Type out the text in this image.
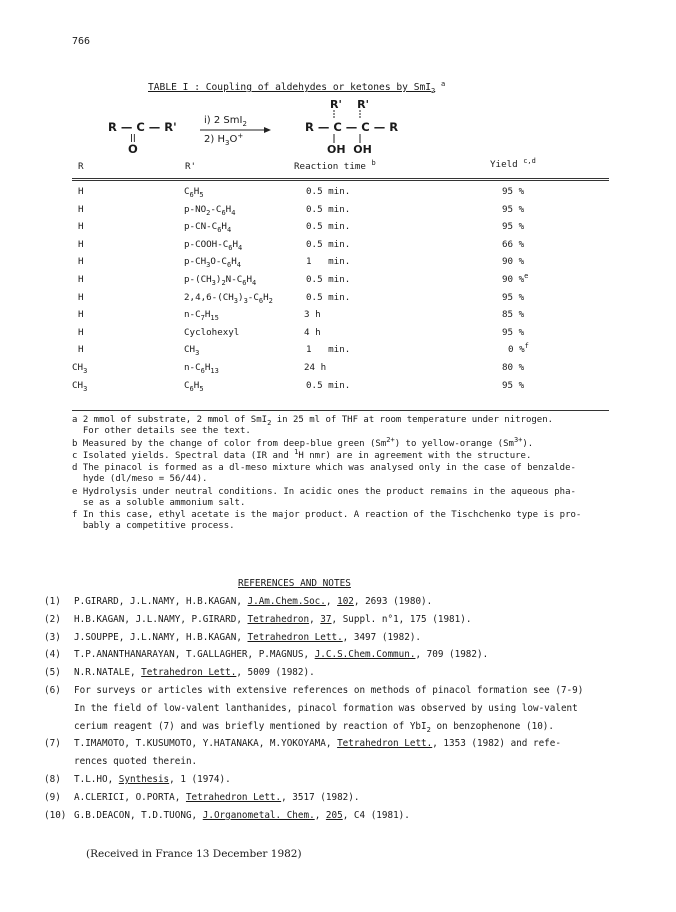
766
TABLE I : Coupling of aldehydes or ketones by SmI$_2$ $^a$
R — C — R'
||
O
i) 2 SmI$_2$
2) $H_3O^+$
R'    R'
R — C — C — R
OH  OH
R	R'	Reaction time $^b$	Yield $^{c,d}$
H	$C_6H_5$	0.5 min.	95 %
H	$p-NO_2-C_6H_4$	0.5 min.	95 %
H	$p-CN-C_6H_4$	0.5 min.	95 %
H	$p-COOH-C_6H_4$	0.5 min.	66 %
H	$p-CH_3O-C_6H_4$	1   min.	90 %
H	$p-(CH_3)_2N-C_6H_4$	0.5 min.	90 %$^e$
H	$2,4,6-(CH_3)_3-C_6H_2$	0.5 min.	95 %
H	$n-C_7H_{15}$	3 h	85 %
H	Cyclohexyl	4 h	95 %
H	$CH_3$	1   min.	0 %$^f$
$CH_3$	$n-C_6H_{13}$	24 h	80 %
$CH_3$	$C_6H_5$	0.5 min.	95 %
a 2 mmol of substrate, 2 mmol of SmI$_2$ in 25 ml of THF at room temperature under nitrogen.
For other details see the text.
b Measured by the change of color from deep-blue green $(Sm^{2+})$ to yellow-orange $(Sm^{3+})$.
c Isolated yields. Spectral data (IR and $^1$H nmr) are in agreement with the structure.
d The pinacol is formed as a dl-meso mixture which was analysed only in the case of benzalde-
hyde (dl/meso = 56/44).
e Hydrolysis under neutral conditions. In acidic ones the product remains in the aqueous pha-
se as a soluble ammonium salt.
f In this case, ethyl acetate is the major product. A reaction of the Tischchenko type is pro-
bably a competitive process.
REFERENCES AND NOTES
(1) P.GIRARD, J.L.NAMY, H.B.KAGAN, J.Am.Chem.Soc., 102, 2693 (1980).
(2) H.B.KAGAN, J.L.NAMY, P.GIRARD, Tetrahedron, 37, Suppl. n°1, 175 (1981).
(3) J.SOUPPE, J.L.NAMY, H.B.KAGAN, Tetrahedron Lett., 3497 (1982).
(4) T.P.ANANTHANARAYAN, T.GALLAGHER, P.MAGNUS, J.C.S.Chem.Commun., 709 (1982).
(5) N.R.NATALE, Tetrahedron Lett., 5009 (1982).
(6) For surveys or articles with extensive references on methods of pinacol formation see (7-9)
In the field of low-valent lanthanides, pinacol formation was observed by using low-valent
cerium reagent (7) and was briefly mentioned by reaction of YbI$_2$ on benzophenone (10).
(7) T.IMAMOTO, T.KUSUMOTO, Y.HATANAKA, M.YOKOYAMA, Tetrahedron Lett., 1353 (1982) and refe-
rences quoted therein.
(8) T.L.HO, Synthesis, 1 (1974).
(9) A.CLERICI, O.PORTA, Tetrahedron Lett., 3517 (1982).
(10) G.B.DEACON, T.D.TUONG, J.Organometal. Chem., 205, C4 (1981).
(Received in France 13 December 1982)
